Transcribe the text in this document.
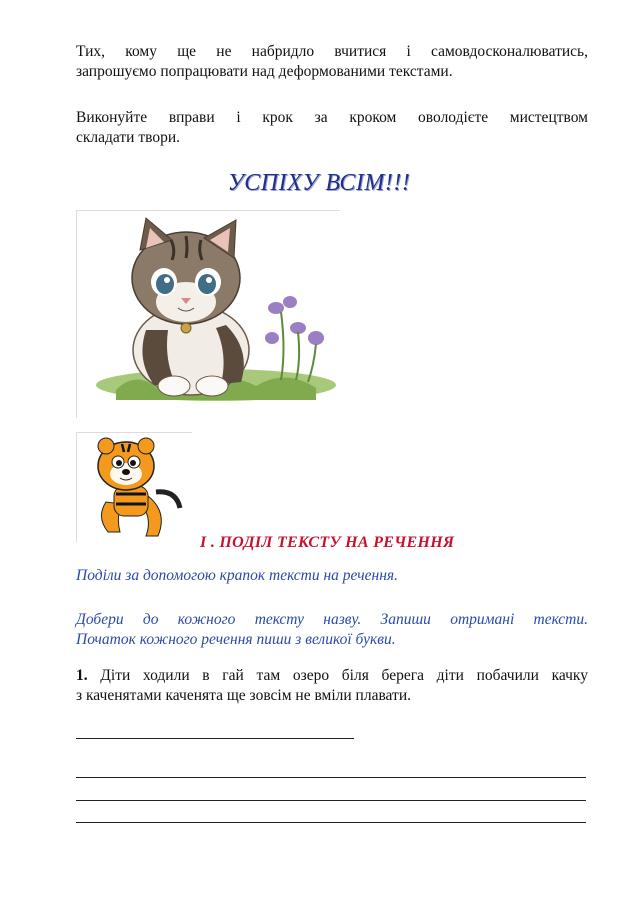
Тих, кому ще не набридло вчитися і самовдосконалюватись,
запрошуємо попрацювати над деформованими текстами.
Виконуйте вправи і крок за кроком оволодієте мистецтвом
складати твори.
УСПІХУ ВСІМ!!!
І . ПОДІЛ ТЕКСТУ НА РЕЧЕННЯ
Поділи за допомогою крапок тексти на речення.
Добери до кожного тексту назву. Запиши отримані тексти.
Початок кожного речення пиши з великої букви.
1. Діти ходили в гай там озеро біля берега діти побачили качку
з каченятами каченята ще зовсім не вміли плавати.
